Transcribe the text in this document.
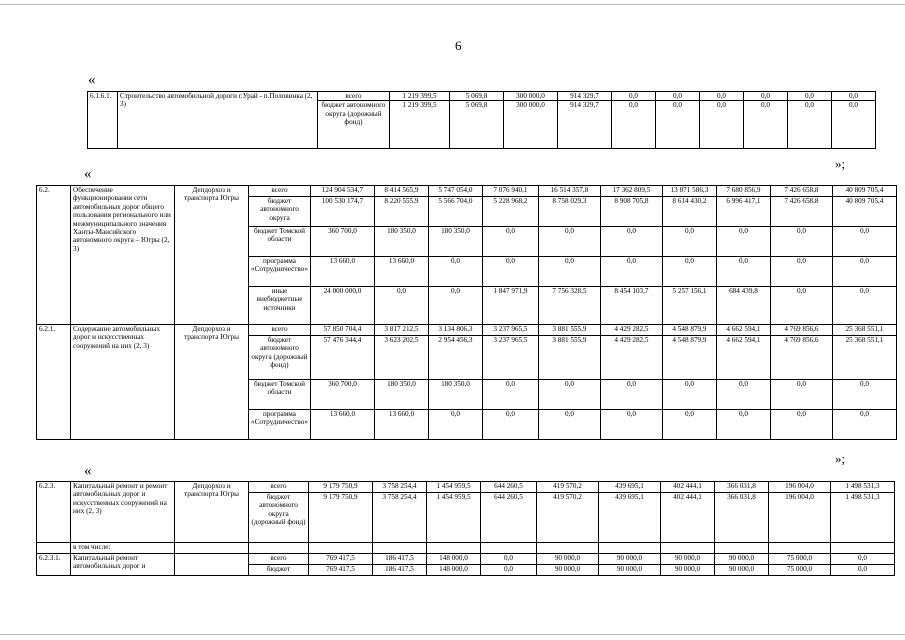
6
«
6.1.6.1.	Строительство автомобильной дороги г.Урай - п.Половинка (2, 3)	всего	1 219 399,5	5 069,8	300 000,0	914 329,7	0,0	0,0	0,0	0,0	0,0	0,0
		бюджет автономного округа (дорожный фонд)	1 219 399,5	5 069,8	300 000,0	914 329,7	0,0	0,0	0,0	0,0	0,0	0,0
»;
«
6.2.	Обеспечение функционирования сети автомобильных дорог общего пользования регионального или межмуниципального значения Ханты-Мансийского автономного округа – Югры (2, 3)	Депдорхоз и транспорта Югры	всего	124 904 534,7	8 414 565,9	5 747 054,0	7 076 940,1	16 514 357,8	17 362 809,5	13 871 586,3	7 680 856,9	7 426 658,8	40 809 705,4
			бюджет автономного округа	100 530 174,7	8 220 555,9	5 566 704,0	5 228 968,2	8 758 029,3	8 908 705,8	8 614 430,2	6 996 417,1	7 426 658,8	40 809 705,4
			бюджет Томской области	360 700,0	180 350,0	180 350,0	0,0	0,0	0,0	0,0	0,0	0,0	0,0
			программа «Сотрудничество»	13 660,0	13 660,0	0,0	0,0	0,0	0,0	0,0	0,0	0,0	0,0
			иные внебюджетные источники	24 000 000,0	0,0	0,0	1 847 971,9	7 756 328,5	8 454 103,7	5 257 156,1	684 439,8	0,0	0,0
6.2.1.	Содержание автомобильных дорог и искусственных сооружений на них (2, 3)	Депдорхоз и транспорта Югры	всего	57 850 704,4	3 817 212,5	3 134 806,3	3 237 965,5	3 881 555,9	4 429 282,5	4 548 879,9	4 662 594,1	4 769 856,6	25 368 551,1
			бюджет автономного округа (дорожный фонд)	57 476 344,4	3 623 202,5	2 954 456,3	3 237 965,5	3 881 555,9	4 429 282,5	4 548 879,9	4 662 594,1	4 769 856,6	25 368 551,1
			бюджет Томской области	360 700,0	180 350,0	180 350,0	0,0	0,0	0,0	0,0	0,0	0,0	0,0
			программа «Сотрудничество»	13 660,0	13 660,0	0,0	0,0	0,0	0,0	0,0	0,0	0,0	0,0
»;
«
6.2.3.	Капитальный ремонт и ремонт автомобильных дорог и искусственных сооружений на них (2, 3)	Депдорхоз и транспорта Югры	всего	9 179 750,9	3 758 254,4	1 454 959,5	644 260,5	419 570,2	439 695,1	402 444,1	366 031,8	196 004,0	1 498 531,3
			бюджет автономного округа (дорожный фонд)	9 179 750,9	3 758 254,4	1 454 959,5	644 260,5	419 570,2	439 695,1	402 444,1	366 031,8	196 004,0	1 498 531,3
	в том числе:												
6.2.3.1.	Капитальный ремонт автомобильных дорог и		всего	769 417,5	186 417,5	148 000,0	0,0	90 000,0	90 000,0	90 000,0	90 000,0	75 000,0	0,0
			бюджет	769 417,5	186 417,5	148 000,0	0,0	90 000,0	90 000,0	90 000,0	90 000,0	75 000,0	0,0
